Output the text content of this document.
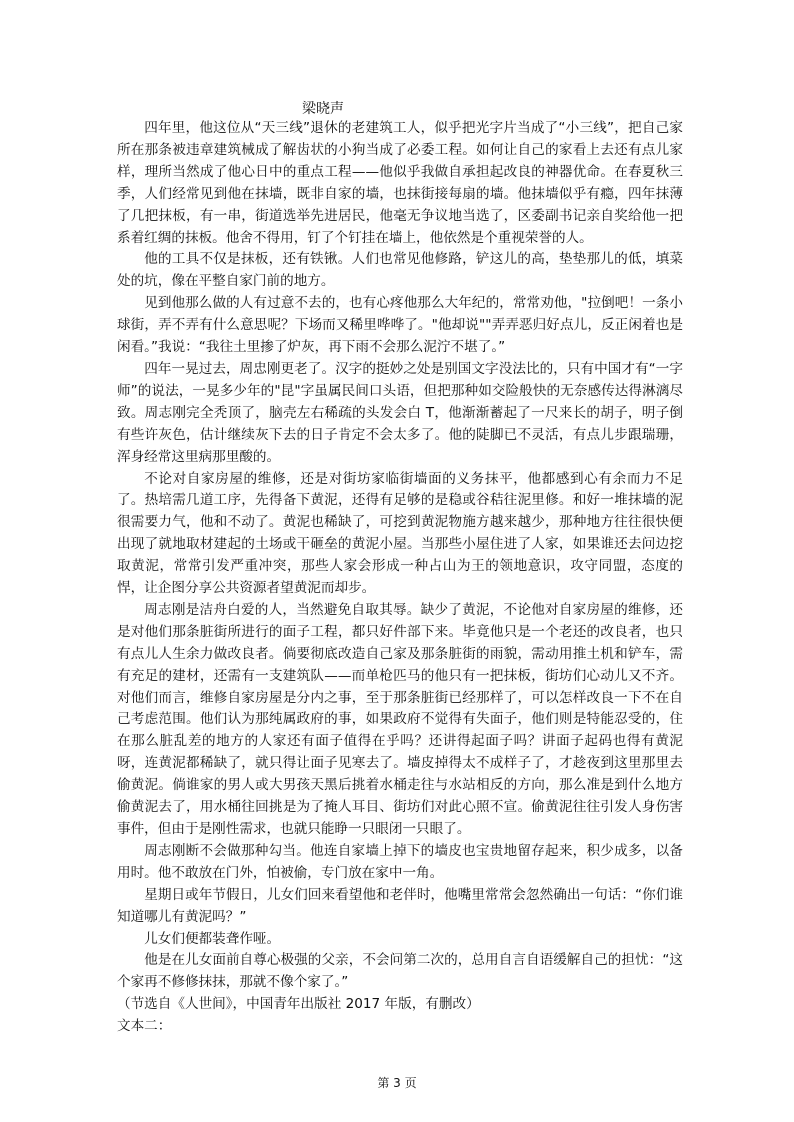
梁晓声

四年里，他这位从“天三线”退休的老建筑工人，似乎把光字片当成了“小三线”，把自己家所在那条被违章建筑械成了解齿状的小狗当成了必委工程。如何让自己的家看上去还有点儿家样，理所当然成了他心日中的重点工程——他似乎我做自承担起改良的神器优命。在春夏秋三季，人们经常见到他在抹墙，既非自家的墙，也抹街接每扇的墙。他抹墙似乎有瘾，四年抹薄了几把抹板，有一串，街道选举先进居民，他毫无争议地当选了，区委副书记亲自奖给他一把系着红绸的抹板。他舍不得用，钉了个钉挂在墙上，他依然是个重视荣誉的人。

他的工具不仅是抹板，还有铁锹。人们也常见他修路，铲这儿的高，垫垫那儿的低，填菜处的坑，像在平整自家门前的地方。

见到他那么做的人有过意不去的，也有心疼他那么大年纪的，常常劝他，"拉倒吧！一条小球街，弄不弄有什么意思呢？下场而又稀里哗哗了。"他却说""弄弄恶归好点儿，反正闲着也是闲看。”我说：“我往土里掺了炉灰，再下雨不会那么泥泞不堪了。”

四年一晃过去，周忠刚更老了。汉字的挺妙之处是别国文字没法比的，只有中国才有“一字师”的说法，一晃多少年的"昆"字虽属民间口头语，但把那种如交险般快的无奈感传达得淋漓尽致。周志刚完全秃顶了，脑壳左右稀疏的头发会白 T，他渐渐蓄起了一尺来长的胡子，明子倒有些许灰色，估计继续灰下去的日子肯定不会太多了。他的陡脚已不灵活，有点儿步跟瑞珊，浑身经常这里病那里酸的。

不论对自家房屋的维修，还是对街坊家临街墙面的义务抹平，他都感到心有余而力不足了。热培需几道工序，先得备下黄泥，还得有足够的是稳或谷秸往泥里修。和好一堆抹墙的泥很需要力气，他和不动了。黄泥也稀缺了，可挖到黄泥物施方越来越少，那种地方往往很快便出现了就地取材建起的土场或干砸垒的黄泥小屋。当那些小屋住进了人家，如果谁还去问边挖取黄泥，常常引发严重冲突，那些人家会形成一种占山为王的领地意识，攻守同盟，态度的悍，让企图分享公共资源者望黄泥而却步。

周志刚是洁舟白爱的人，当然避免自取其辱。缺少了黄泥，不论他对自家房屋的维修，还是对他们那条脏街所进行的面子工程，都只好件部下来。毕竟他只是一个老还的改良者，也只有点儿人生余力做改良者。倘要彻底改造自己家及那条脏街的雨貌，需动用推土机和铲车，需有充足的建材，还需有一支建筑队——而单枪匹马的他只有一把抹板，街坊们心动儿又不齐。对他们而言，维修自家房屋是分内之事，至于那条脏街已经那样了，可以怎样改良一下不在自己考虑范围。他们认为那纯属政府的事，如果政府不觉得有失面子，他们则是特能忍受的，住在那么脏乱差的地方的人家还有面子值得在乎吗？还讲得起面子吗？讲面子起码也得有黄泥呀，连黄泥都稀缺了，就只得让面子见寒去了。墙皮掉得太不成样子了，才趁夜到这里那里去偷黄泥。倘谁家的男人或大男孩天黑后挑着水桶走往与水站相反的方向，那么准是到什么地方偷黄泥去了，用水桶往回挑是为了掩人耳目、街坊们对此心照不宣。偷黄泥往往引发人身伤害事件，但由于是刚性需求，也就只能睁一只眼闭一只眼了。

周志刚断不会做那种勾当。他连自家墙上掉下的墙皮也宝贵地留存起来，积少成多，以备用时。他不敢放在门外，怕被偷，专门放在家中一角。

星期日或年节假日，儿女们回来看望他和老伴时，他嘴里常常会忽然确出一句话：“你们谁知道哪儿有黄泥吗？”

儿女们便都装聋作哑。

他是在儿女面前自尊心极强的父亲，不会问第二次的，总用自言自语缓解自己的担忧：“这个家再不修修抹抹，那就不像个家了。”

（节选自《人世间》，中国青年出版社 2017 年版，有删改）

文本二：

第 3 页
